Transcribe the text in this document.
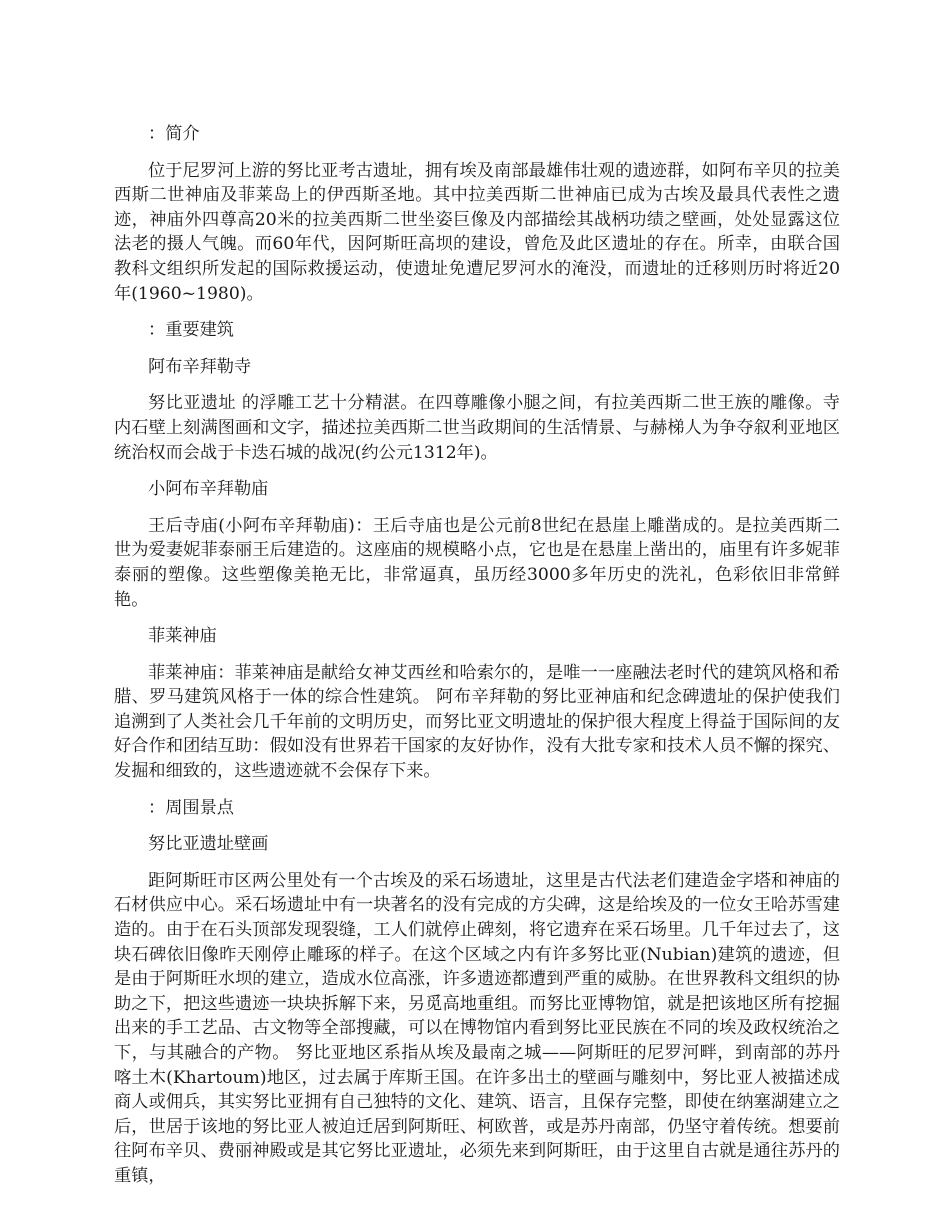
：简介

位于尼罗河上游的努比亚考古遗址，拥有埃及南部最雄伟壮观的遗迹群，如阿布辛贝的拉美西斯二世神庙及菲莱岛上的伊西斯圣地。其中拉美西斯二世神庙已成为古埃及最具代表性之遗迹，神庙外四尊高20米的拉美西斯二世坐姿巨像及内部描绘其战柄功绩之壁画，处处显露这位法老的摄人气魄。而60年代，因阿斯旺高坝的建设，曾危及此区遗址的存在。所幸，由联合国教科文组织所发起的国际救援运动，使遗址免遭尼罗河水的淹没，而遗址的迁移则历时将近20年(1960~1980)。

：重要建筑

阿布辛拜勒寺

努比亚遗址 的浮雕工艺十分精湛。在四尊雕像小腿之间，有拉美西斯二世王族的雕像。寺内石壁上刻满图画和文字，描述拉美西斯二世当政期间的生活情景、与赫梯人为争夺叙利亚地区统治权而会战于卡迭石城的战况(约公元1312年)。

小阿布辛拜勒庙

王后寺庙(小阿布辛拜勒庙)：王后寺庙也是公元前8世纪在悬崖上雕凿成的。是拉美西斯二世为爱妻妮菲泰丽王后建造的。这座庙的规模略小点，它也是在悬崖上凿出的，庙里有许多妮菲泰丽的塑像。这些塑像美艳无比，非常逼真，虽历经3000多年历史的洗礼，色彩依旧非常鲜艳。

菲莱神庙

菲莱神庙：菲莱神庙是献给女神艾西丝和哈索尔的，是唯一一座融法老时代的建筑风格和希腊、罗马建筑风格于一体的综合性建筑。 阿布辛拜勒的努比亚神庙和纪念碑遗址的保护使我们追溯到了人类社会几千年前的文明历史，而努比亚文明遗址的保护很大程度上得益于国际间的友好合作和团结互助：假如没有世界若干国家的友好协作，没有大批专家和技术人员不懈的探究、发掘和细致的，这些遗迹就不会保存下来。

：周围景点

努比亚遗址壁画

距阿斯旺市区两公里处有一个古埃及的采石场遗址，这里是古代法老们建造金字塔和神庙的石材供应中心。采石场遗址中有一块著名的没有完成的方尖碑，这是给埃及的一位女王哈苏雪建造的。由于在石头顶部发现裂缝，工人们就停止碑刻，将它遗弃在采石场里。几千年过去了，这块石碑依旧像昨天刚停止雕琢的样子。在这个区域之内有许多努比亚(Nubian)建筑的遗迹，但是由于阿斯旺水坝的建立，造成水位高涨，许多遗迹都遭到严重的威胁。在世界教科文组织的协助之下，把这些遗迹一块块拆解下来，另觅高地重组。而努比亚博物馆，就是把该地区所有挖掘出来的手工艺品、古文物等全部搜藏，可以在博物馆内看到努比亚民族在不同的埃及政权统治之下，与其融合的产物。 努比亚地区系指从埃及最南之城——阿斯旺的尼罗河畔，到南部的苏丹喀土木(Khartoum)地区，过去属于库斯王国。在许多出土的壁画与雕刻中，努比亚人被描述成商人或佣兵，其实努比亚拥有自己独特的文化、建筑、语言，且保存完整，即使在纳塞湖建立之后，世居于该地的努比亚人被迫迁居到阿斯旺、柯欧普，或是苏丹南部，仍坚守着传统。想要前往阿布辛贝、费丽神殿或是其它努比亚遗址，必须先来到阿斯旺，由于这里自古就是通往苏丹的重镇，
